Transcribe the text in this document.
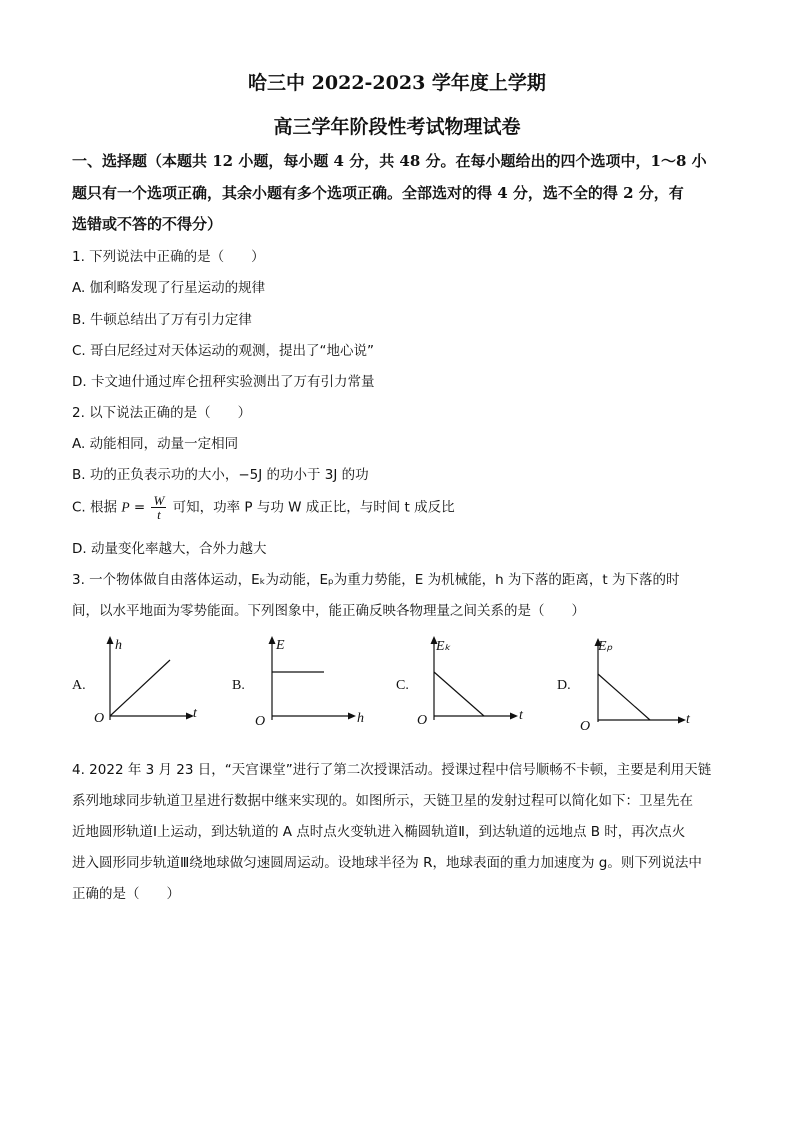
哈三中 2022-2023 学年度上学期
高三学年阶段性考试物理试卷
一、选择题（本题共 12 小题，每小题 4 分，共 48 分。在每小题给出的四个选项中，1～8 小
题只有一个选项正确，其余小题有多个选项正确。全部选对的得 4 分，选不全的得 2 分，有
选错或不答的不得分）
1. 下列说法中正确的是（　　）
A. 伽利略发现了行星运动的规律
B. 牛顿总结出了万有引力定律
C. 哥白尼经过对天体运动的观测，提出了“地心说”
D. 卡文迪什通过库仑扭秤实验测出了万有引力常量
2. 以下说法正确的是（　　）
A. 动能相同，动量一定相同
B. 功的正负表示功的大小，−5J 的功小于 3J 的功
C. 根据 $P = \frac{W}{t}$ 可知，功率 P 与功 W 成正比，与时间 t 成反比
D. 动量变化率越大，合外力越大
3. 一个物体做自由落体运动，Eₖ为动能，Eₚ为重力势能，E 为机械能，h 为下落的距离，t 为下落的时
间，以水平地面为零势能面。下列图象中，能正确反映各物理量之间关系的是（　　）
A.
h
t
O
B.
E
h
O
C.
Eₖ
t
O
D.
Eₚ
t
O
4. 2022 年 3 月 23 日，“天宫课堂”进行了第二次授课活动。授课过程中信号顺畅不卡顿，主要是利用天链
系列地球同步轨道卫星进行数据中继来实现的。如图所示，天链卫星的发射过程可以简化如下：卫星先在
近地圆形轨道Ⅰ上运动，到达轨道的 A 点时点火变轨进入椭圆轨道Ⅱ，到达轨道的远地点 B 时，再次点火
进入圆形同步轨道Ⅲ绕地球做匀速圆周运动。设地球半径为 R，地球表面的重力加速度为 g。则下列说法中
正确的是（　　）
